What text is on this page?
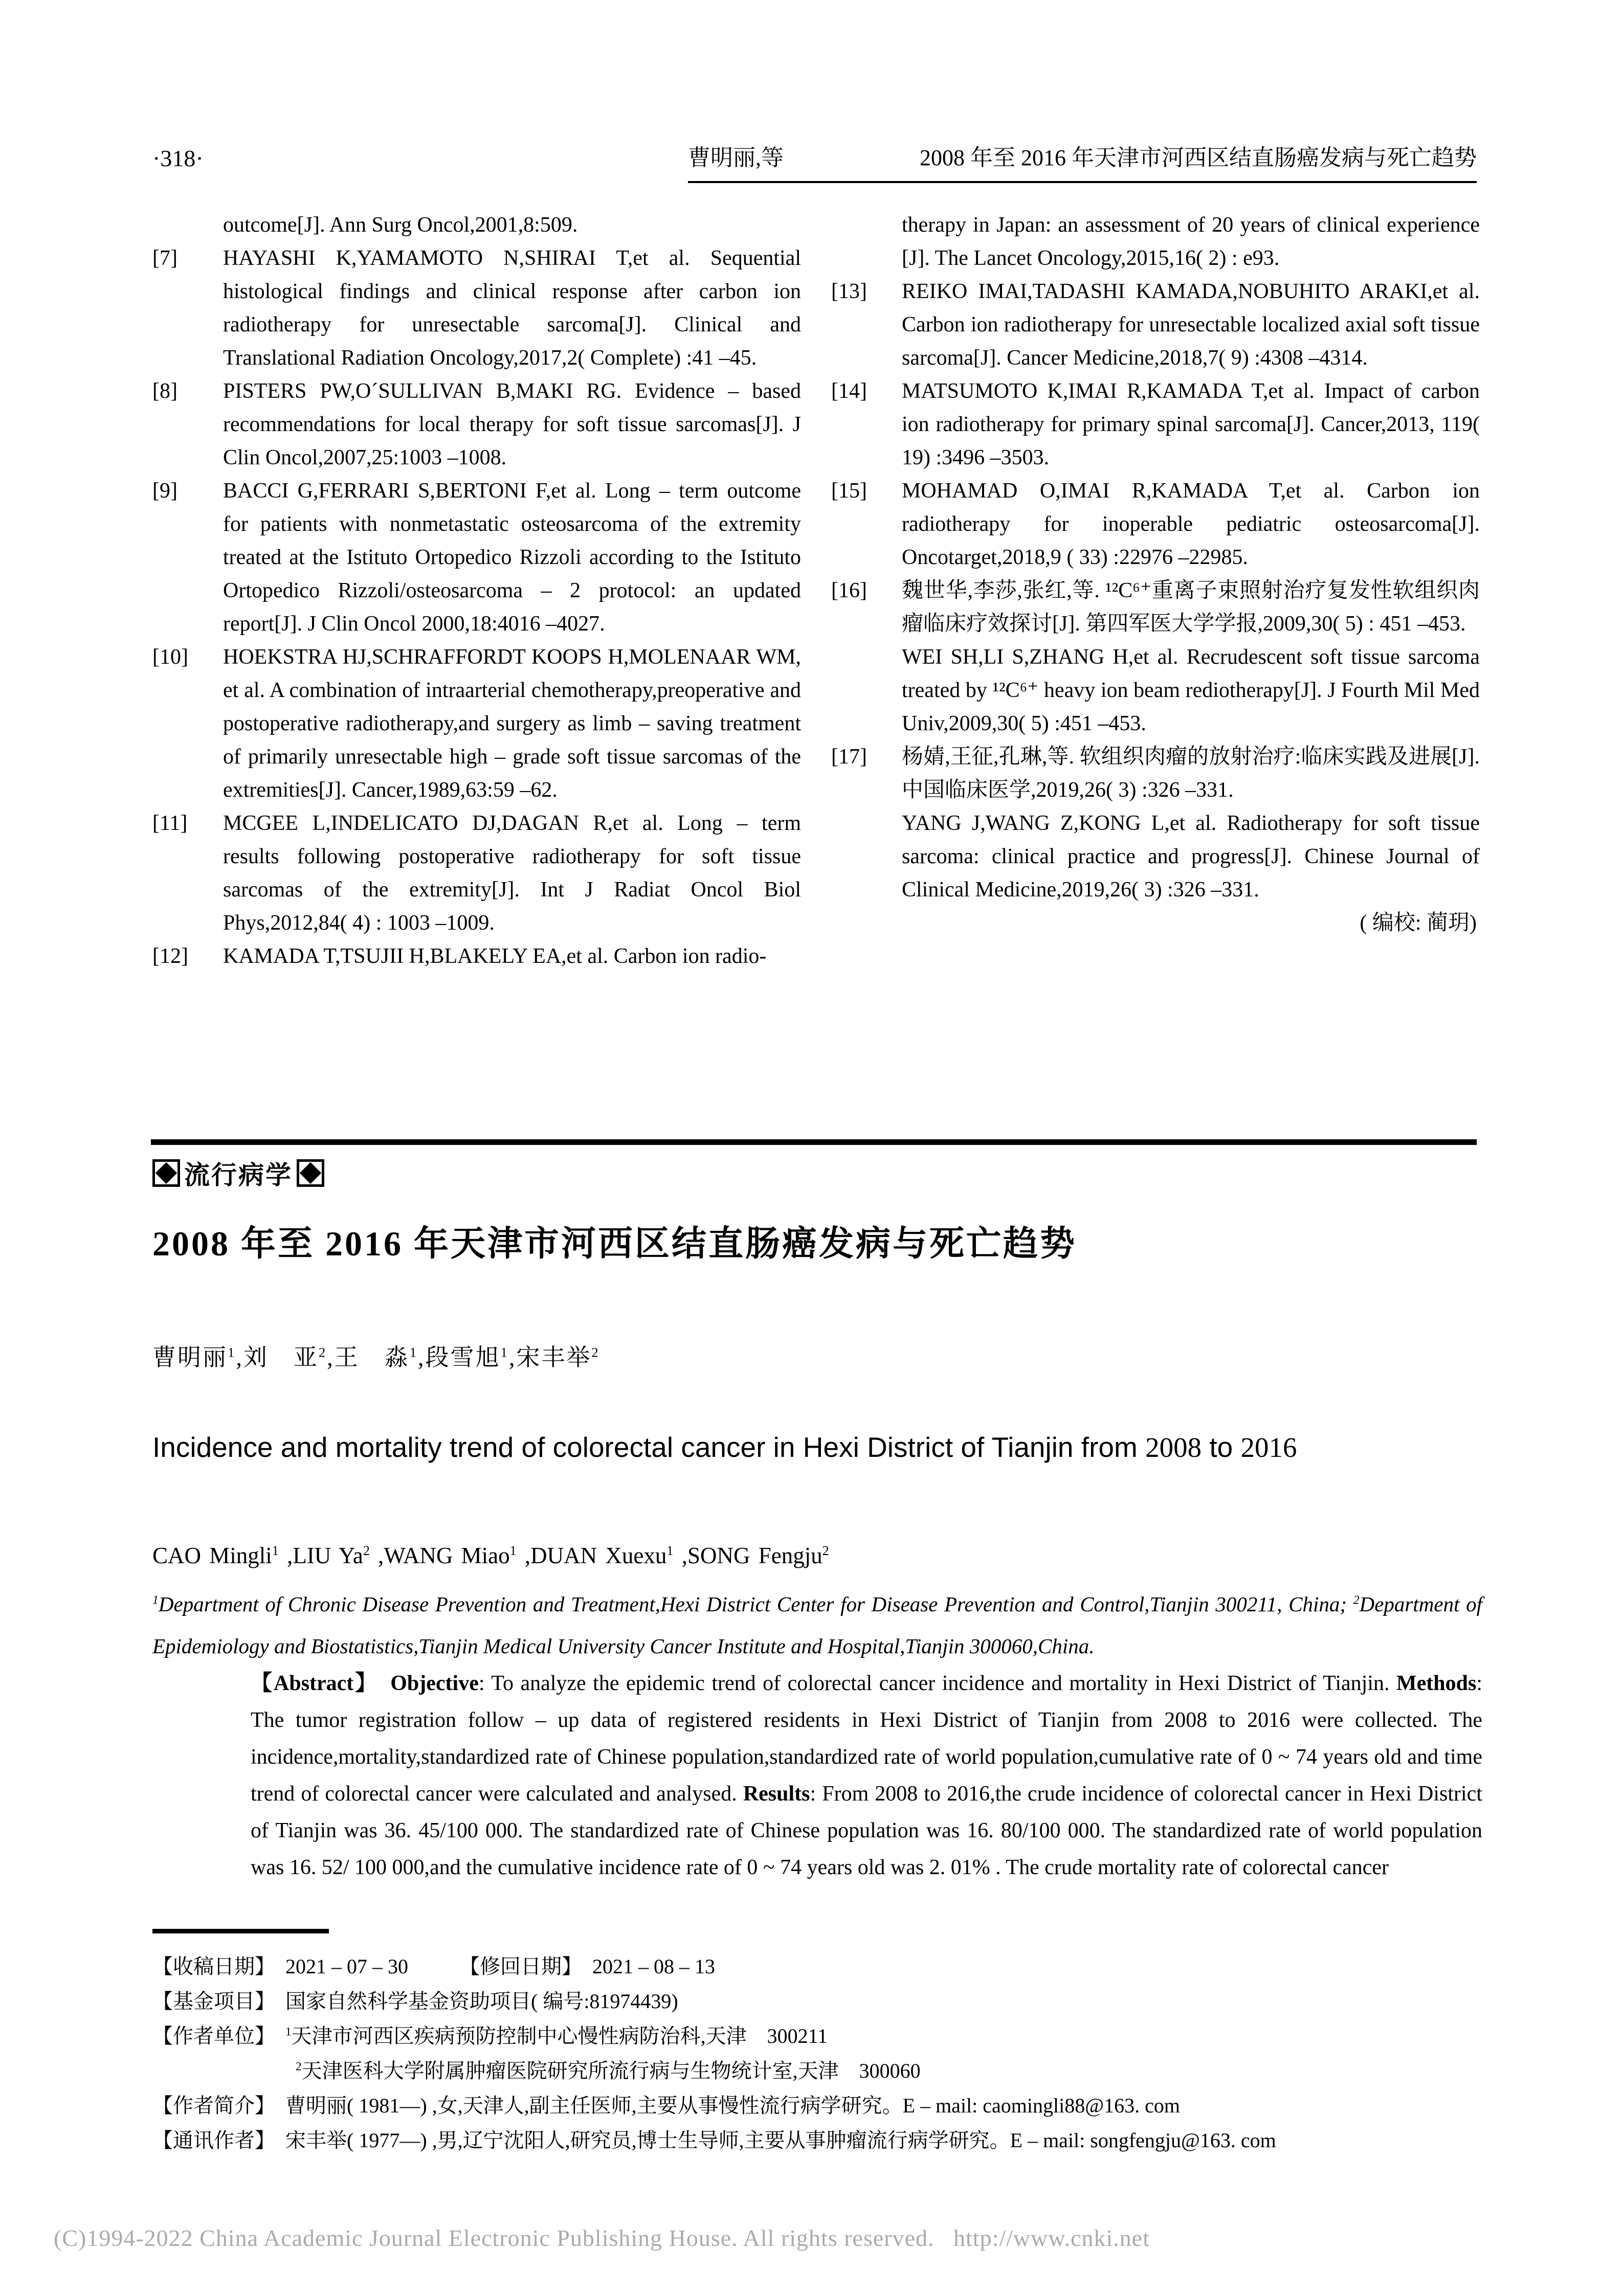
·318·	曹明丽,等	2008 年至 2016 年天津市河西区结直肠癌发病与死亡趋势

outcome[J]. Ann Surg Oncol,2001,8:509.

[7] HAYASHI K,YAMAMOTO N,SHIRAI T,et al. Sequential histological findings and clinical response after carbon ion radiotherapy for unresectable sarcoma[J]. Clinical and Translational Radiation Oncology,2017,2( Complete) :41 –45.

[8] PISTERS PW,O´SULLIVAN B,MAKI RG. Evidence – based recommendations for local therapy for soft tissue sarcomas[J]. J Clin Oncol,2007,25:1003 –1008.

[9] BACCI G,FERRARI S,BERTONI F,et al. Long – term outcome for patients with nonmetastatic osteosarcoma of the extremity treated at the Istituto Ortopedico Rizzoli according to the Istituto Ortopedico Rizzoli/osteosarcoma – 2 protocol: an updated report[J]. J Clin Oncol 2000,18:4016 –4027.

[10] HOEKSTRA HJ,SCHRAFFORDT KOOPS H,MOLENAAR WM, et al. A combination of intraarterial chemotherapy,preoperative and postoperative radiotherapy,and surgery as limb – saving treatment of primarily unresectable high – grade soft tissue sarcomas of the extremities[J]. Cancer,1989,63:59 –62.

[11] MCGEE L,INDELICATO DJ,DAGAN R,et al. Long – term results following postoperative radiotherapy for soft tissue sarcomas of the extremity[J]. Int J Radiat Oncol Biol Phys,2012,84( 4) : 1003 –1009.

[12] KAMADA T,TSUJII H,BLAKELY EA,et al. Carbon ion radio-

therapy in Japan: an assessment of 20 years of clinical experience [J]. The Lancet Oncology,2015,16( 2) : e93.

[13] REIKO IMAI,TADASHI KAMADA,NOBUHITO ARAKI,et al. Carbon ion radiotherapy for unresectable localized axial soft tissue sarcoma[J]. Cancer Medicine,2018,7( 9) :4308 –4314.

[14] MATSUMOTO K,IMAI R,KAMADA T,et al. Impact of carbon ion radiotherapy for primary spinal sarcoma[J]. Cancer,2013, 119( 19) :3496 –3503.

[15] MOHAMAD O,IMAI R,KAMADA T,et al. Carbon ion radiotherapy for inoperable pediatric osteosarcoma[J]. Oncotarget,2018,9 ( 33) :22976 –22985.

[16] 魏世华,李莎,张红,等. ¹²C⁶⁺重离子束照射治疗复发性软组织肉瘤临床疗效探讨[J]. 第四军医大学学报,2009,30( 5) : 451 –453.

WEI SH,LI S,ZHANG H,et al. Recrudescent soft tissue sarcoma treated by ¹²C⁶⁺ heavy ion beam rediotherapy[J]. J Fourth Mil Med Univ,2009,30( 5) :451 –453.

[17] 杨婧,王征,孔琳,等. 软组织肉瘤的放射治疗:临床实践及进展[J]. 中国临床医学,2019,26( 3) :326 –331.

YANG J,WANG Z,KONG L,et al. Radiotherapy for soft tissue sarcoma: clinical practice and progress[J]. Chinese Journal of Clinical Medicine,2019,26( 3) :326 –331.

( 编校: 蔺玥)
流行病学
2008 年至 2016 年天津市河西区结直肠癌发病与死亡趋势
曹明丽$^1$,刘　亚$^2$,王　淼$^1$,段雪旭$^1$,宋丰举$^2$
Incidence and mortality trend of colorectal cancer in Hexi District of Tianjin from 2008 to 2016
CAO Mingli$^1$ ,LIU Ya$^2$ ,WANG Miao$^1$ ,DUAN Xuexu$^1$ ,SONG Fengju$^2$
$^1$Department of Chronic Disease Prevention and Treatment,Hexi District Center for Disease Prevention and Control,Tianjin 300211, China; $^2$Department of Epidemiology and Biostatistics,Tianjin Medical University Cancer Institute and Hospital,Tianjin 300060,China.
【Abstract】　Objective: To analyze the epidemic trend of colorectal cancer incidence and mortality in Hexi District of Tianjin. Methods: The tumor registration follow – up data of registered residents in Hexi District of Tianjin from 2008 to 2016 were collected. The incidence,mortality,standardized rate of Chinese population,standardized rate of world population,cumulative rate of 0 ~ 74 years old and time trend of colorectal cancer were calculated and analysed. Results: From 2008 to 2016,the crude incidence of colorectal cancer in Hexi District of Tianjin was 36. 45/100 000. The standardized rate of Chinese population was 16. 80/100 000. The standardized rate of world population was 16. 52/ 100 000,and the cumulative incidence rate of 0 ~ 74 years old was 2. 01% . The crude mortality rate of colorectal cancer
【收稿日期】　2021 – 07 – 30　　　【修回日期】　2021 – 08 – 13
【基金项目】　国家自然科学基金资助项目( 编号:81974439)
【作者单位】　 $^1$天津市河西区疾病预防控制中心慢性病防治科,天津　300211
　　　　　　　$^2$天津医科大学附属肿瘤医院研究所流行病与生物统计室,天津　300060
【作者简介】　曹明丽( 1981—) ,女,天津人,副主任医师,主要从事慢性流行病学研究。E – mail: caomingli88@163. com
【通讯作者】　宋丰举( 1977—) ,男,辽宁沈阳人,研究员,博士生导师,主要从事肿瘤流行病学研究。E – mail: songfengju@163. com
(C)1994-2022 China Academic Journal Electronic Publishing House. All rights reserved.   http://www.cnki.net
